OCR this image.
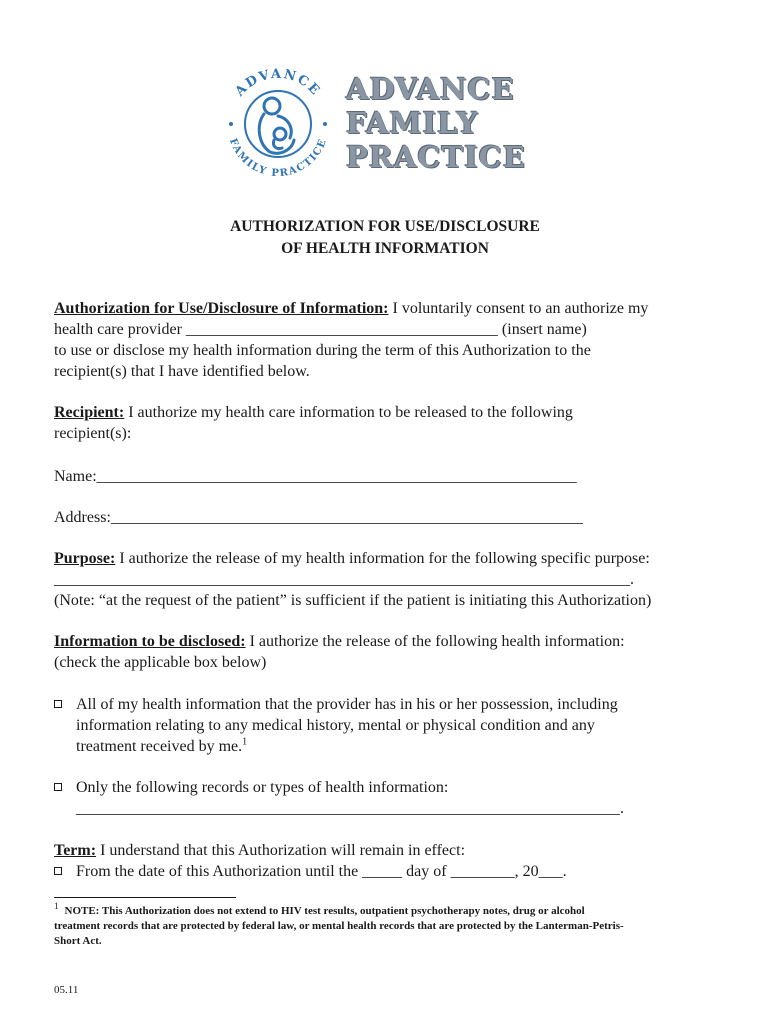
ADVANCE
FAMILY PRACTICE
ADVANCE
FAMILY
PRACTICE
AUTHORIZATION FOR USE/DISCLOSURE
OF HEALTH INFORMATION

Authorization for Use/Disclosure of Information: I voluntarily consent to an authorize my

health care provider _______________________________________ (insert name)

to use or disclose my health information during the term of this Authorization to the

recipient(s) that I have identified below.

Recipient: I authorize my health care information to be released to the following

recipient(s):

Name:____________________________________________________________

Address:___________________________________________________________

Purpose: I authorize the release of my health information for the following specific purpose:

________________________________________________________________________.

(Note: “at the request of the patient” is sufficient if the patient is initiating this Authorization)

Information to be disclosed: I authorize the release of the following health information:

(check the applicable box below)

All of my health information that the provider has in his or her possession, including

information relating to any medical history, mental or physical condition and any

treatment received by me.$^1$

Only the following records or types of health information:

____________________________________________________________________.

Term: I understand that this Authorization will remain in effect:

From the date of this Authorization until the _____ day of ________, 20___.

$^1$ NOTE: This Authorization does not extend to HIV test results, outpatient psychotherapy notes, drug or alcohol

treatment records that are protected by federal law, or mental health records that are protected by the Lanterman-Petris-

Short Act.

05.11
